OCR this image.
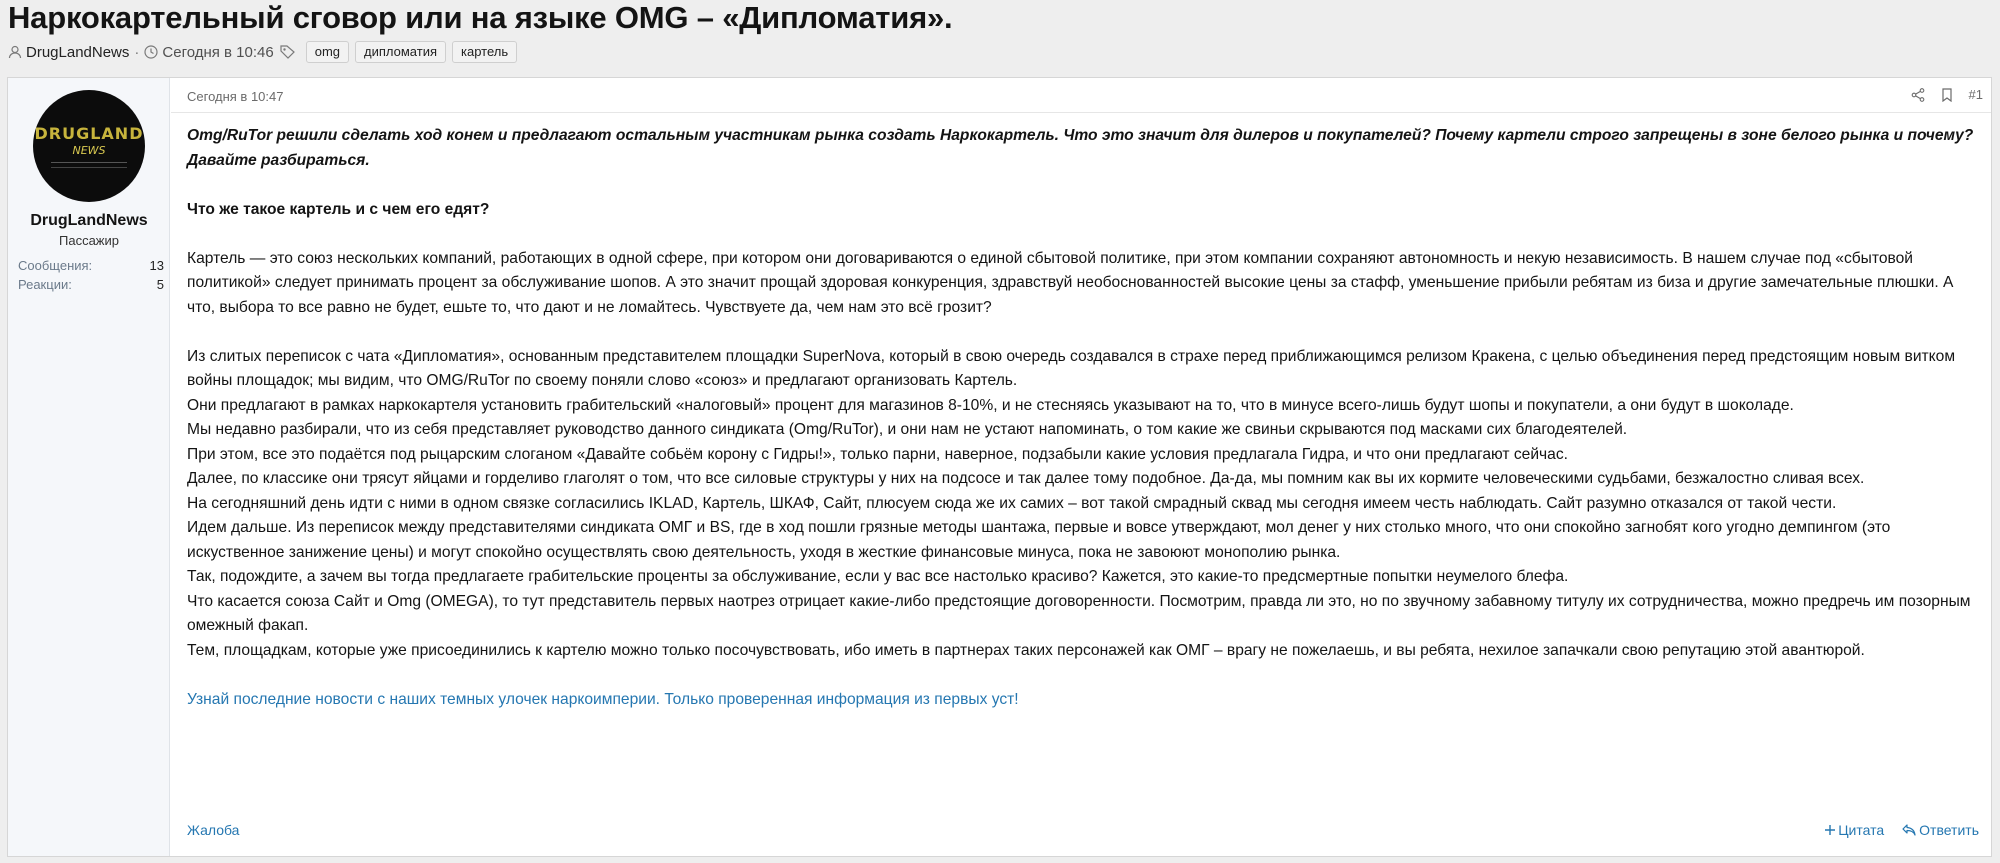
Наркокартельный сговор или на языке OMG – «Дипломатия».
DrugLandNews · Сегодня в 10:46	omg	дипломатия	картель
DRUGLAND
NEWS
DrugLandNews
Пассажир
Сообщения:	13
Реакции:	5
Сегодня в 10:47	#1

Omg/RuTor решили сделать ход конем и предлагают остальным участникам рынка создать Наркокартель. Что это значит для дилеров и покупателей? Почему картели строго запрещены в зоне белого рынка и почему? Давайте разбираться.

Что же такое картель и с чем его едят?

Картель — это союз нескольких компаний, работающих в одной сфере, при котором они договариваются о единой сбытовой политике, при этом компании сохраняют автономность и некую независимость. В нашем случае под «сбытовой политикой» следует принимать процент за обслуживание шопов. А это значит прощай здоровая конкуренция, здравствуй необоснованностей высокие цены за стафф, уменьшение прибыли ребятам из биза и другие замечательные плюшки. А что, выбора то все равно не будет, ешьте то, что дают и не ломайтесь. Чувствуете да, чем нам это всё грозит?

Из слитых переписок с чата «Дипломатия», основанным представителем площадки SuperNova, который в свою очередь создавался в страхе перед приближающимся релизом Кракена, с целью объединения перед предстоящим новым витком войны площадок; мы видим, что OMG/RuTor по своему поняли слово «союз» и предлагают организовать Картель.

Они предлагают в рамках наркокартеля установить грабительский «налоговый» процент для магазинов 8-10%, и не стесняясь указывают на то, что в минусе всего-лишь будут шопы и покупатели, а они будут в шоколаде.

Мы недавно разбирали, что из себя представляет руководство данного синдиката (Omg/RuTor), и они нам не устают напоминать, о том какие же свиньи скрываются под масками сих благодеятелей.

При этом, все это подаётся под рыцарским слоганом «Давайте собьём корону с Гидры!», только парни, наверное, подзабыли какие условия предлагала Гидра, и что они предлагают сейчас.

Далее, по классике они трясут яйцами и горделиво глаголят о том, что все силовые структуры у них на подсосе и так далее тому подобное. Да-да, мы помним как вы их кормите человеческими судьбами, безжалостно сливая всех.

На сегодняшний день идти с ними в одном связке согласились IKLAD, Картель, ШКАФ, Сайт, плюсуем сюда же их самих – вот такой смрадный сквад мы сегодня имеем честь наблюдать. Сайт разумно отказался от такой чести.

Идем дальше. Из переписок между представителями синдиката ОМГ и BS, где в ход пошли грязные методы шантажа, первые и вовсе утверждают, мол денег у них столько много, что они спокойно загнобят кого угодно демпингом (это искуственное занижение цены) и могут спокойно осуществлять свою деятельность, уходя в жесткие финансовые минуса, пока не завоюют монополию рынка.

Так, подождите, а зачем вы тогда предлагаете грабительские проценты за обслуживание, если у вас все настолько красиво? Кажется, это какие-то предсмертные попытки неумелого блефа.

Что касается союза Сайт и Omg (OMEGA), то тут представитель первых наотрез отрицает какие-либо предстоящие договоренности. Посмотрим, правда ли это, но по звучному забавному титулу их сотрудничества, можно предречь им позорным омежный факап.

Тем, площадкам, которые уже присоединились к картелю можно только посочувствовать, ибо иметь в партнерах таких персонажей как ОМГ – врагу не пожелаешь, и вы ребята, нехилое запачкали свою репутацию этой авантюрой.

Узнай последние новости с наших темных улочек наркоимперии. Только проверенная информация из первых уст!

Жалоба	Цитата	Ответить
